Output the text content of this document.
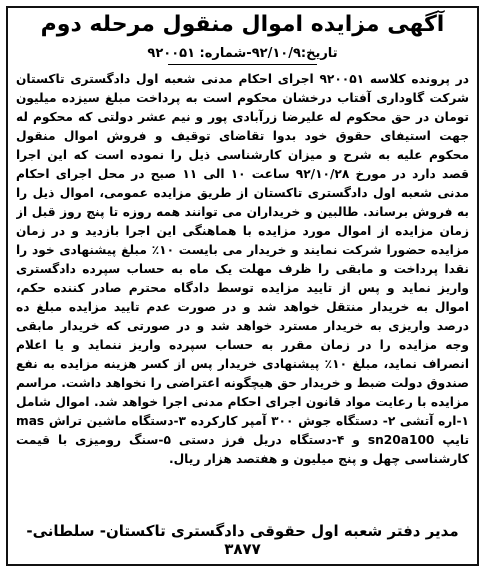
آگهی مزایده اموال منقول مرحله دوم
تاریخ:۹۲/۱۰/۹-شماره: ۹۲۰۰۵۱
در پرونده کلاسه ۹۲۰۰۵۱ اجرای احکام مدنی شعبه اول دادگستری تاکستان شرکت گاوداری آفتاب درخشان محکوم است به پرداخت مبلغ سیزده میلیون تومان در حق محکوم له علیرضا زرآبادی پور و نیم عشر دولتی که محکوم له جهت استیفای حقوق خود بدوا تقاضای توقیف و فروش اموال منقول محکوم علیه به شرح و میزان کارشناسی ذیل را نموده است که این اجرا قصد دارد در مورخ ۹۲/۱۰/۲۸ ساعت ۱۰ الی ۱۱ صبح در محل اجرای احکام مدنی شعبه اول دادگستری تاکستان از طریق مزایده عمومی، اموال ذیل را به فروش برساند. طالبین و خریداران می توانند همه روزه تا پنج روز قبل از زمان مزایده از اموال مورد مزایده با هماهنگی این اجرا بازدید و در زمان مزایده حضورا شرکت نمایند و خریدار می بایست ۱۰٪ مبلغ پیشنهادی خود را نقدا پرداخت و مابقی را ظرف مهلت یک ماه به حساب سپرده دادگستری واریز نماید و پس از تایید مزایده توسط دادگاه محترم صادر کننده حکم، اموال به خریدار منتقل خواهد شد و در صورت عدم تایید مزایده مبلغ ده درصد واریزی به خریدار مسترد خواهد شد و در صورتی که خریدار مابقی وجه مزایده را در زمان مقرر به حساب سپرده واریز ننماید و یا اعلام انصراف نماید، مبلغ ۱۰٪ پیشنهادی خریدار پس از کسر هزینه مزایده به نفع صندوق دولت ضبط و خریدار حق هیچگونه اعتراضی را نخواهد داشت. مراسم مزایده با رعایت مواد قانون اجرای احکام مدنی اجرا خواهد شد. اموال شامل ۱-اره آتشی ۲- دستگاه جوش ۳۰۰ آمپر کارکرده ۳-دستگاه ماشین تراش mas تایپ sn20a100 و ۴-دستگاه دریل فرز دستی ۵-سنگ رومیزی با قیمت کارشناسی چهل و پنج میلیون و هفتصد هزار ریال.
مدیر دفتر شعبه اول حقوقی دادگستری تاکستان- سلطانی- ۳۸۷۷
